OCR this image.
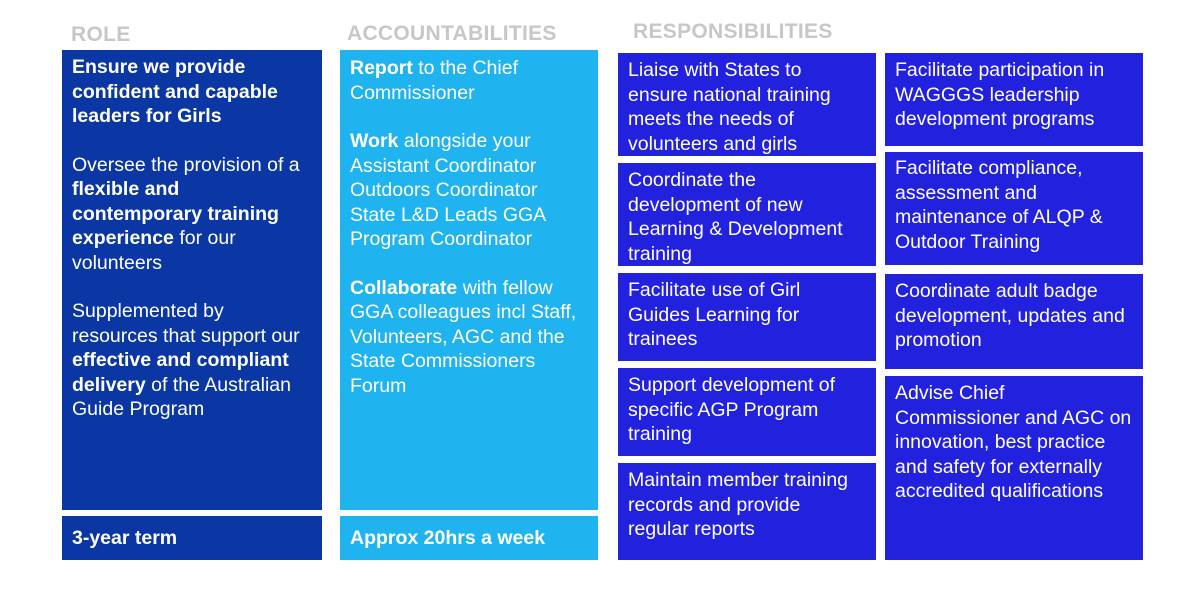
ROLE	ACCOUNTABILITIES	RESPONSIBILITIES

Ensure we provide confident and capable leaders for Girls

Oversee the provision of a flexible and contemporary training experience for our volunteers

Supplemented by resources that support our effective and compliant delivery of the Australian Guide Program

3-year term

Report to the Chief Commissioner

Work alongside your Assistant Coordinator Outdoors Coordinator State L&D Leads GGA Program Coordinator

Collaborate with fellow GGA colleagues incl Staff, Volunteers, AGC and the State Commissioners Forum

Approx 20hrs a week
Liaise with States to ensure national training meets the needs of volunteers and girls
Coordinate the development of new Learning & Development training
Facilitate use of Girl Guides Learning for trainees
Support development of specific AGP Program training
Maintain member training records and provide regular reports
Facilitate participation in WAGGGS leadership development programs
Facilitate compliance, assessment and maintenance of ALQP & Outdoor Training
Coordinate adult badge development, updates and promotion
Advise Chief Commissioner and AGC on innovation, best practice and safety for externally accredited qualifications
